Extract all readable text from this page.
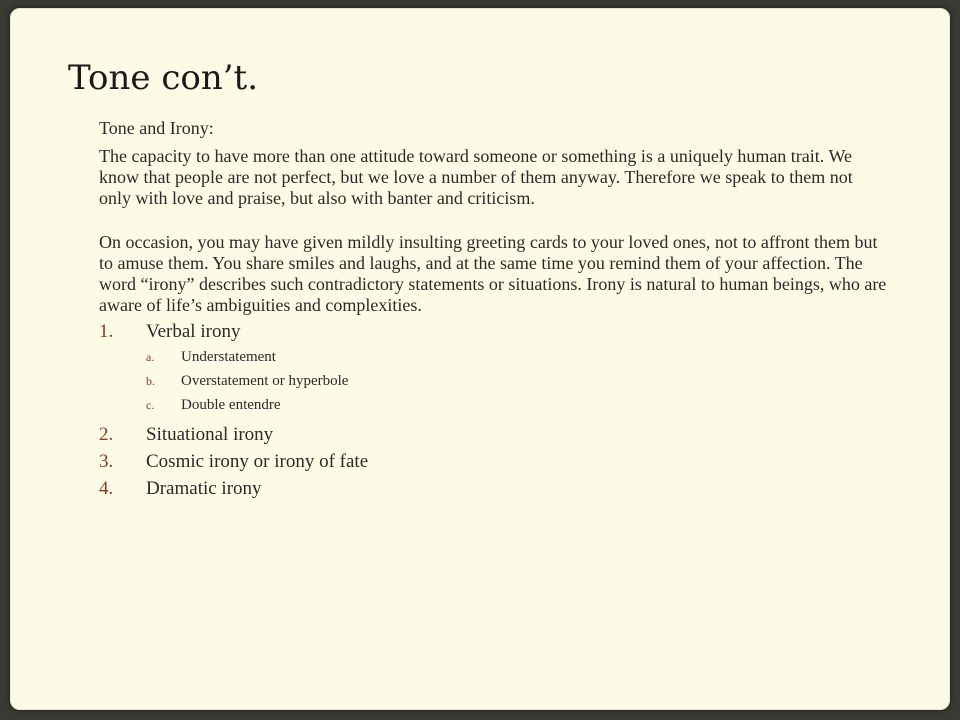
Tone con’t.

Tone and Irony:

The capacity to have more than one attitude toward someone or something is a uniquely human trait. We know that people are not perfect, but we love a number of them anyway. Therefore we speak to them not only with love and praise, but also with banter and criticism.

On occasion, you may have given mildly insulting greeting cards to your loved ones, not to affront them but to amuse them. You share smiles and laughs, and at the same time you remind them of your affection. The word “irony” describes such contradictory statements or situations. Irony is natural to human beings, who are aware of life’s ambiguities and complexities.

1. Verbal irony
a. Understatement
b. Overstatement or hyperbole
c. Double entendre
2. Situational irony
3. Cosmic irony or irony of fate
4. Dramatic irony
